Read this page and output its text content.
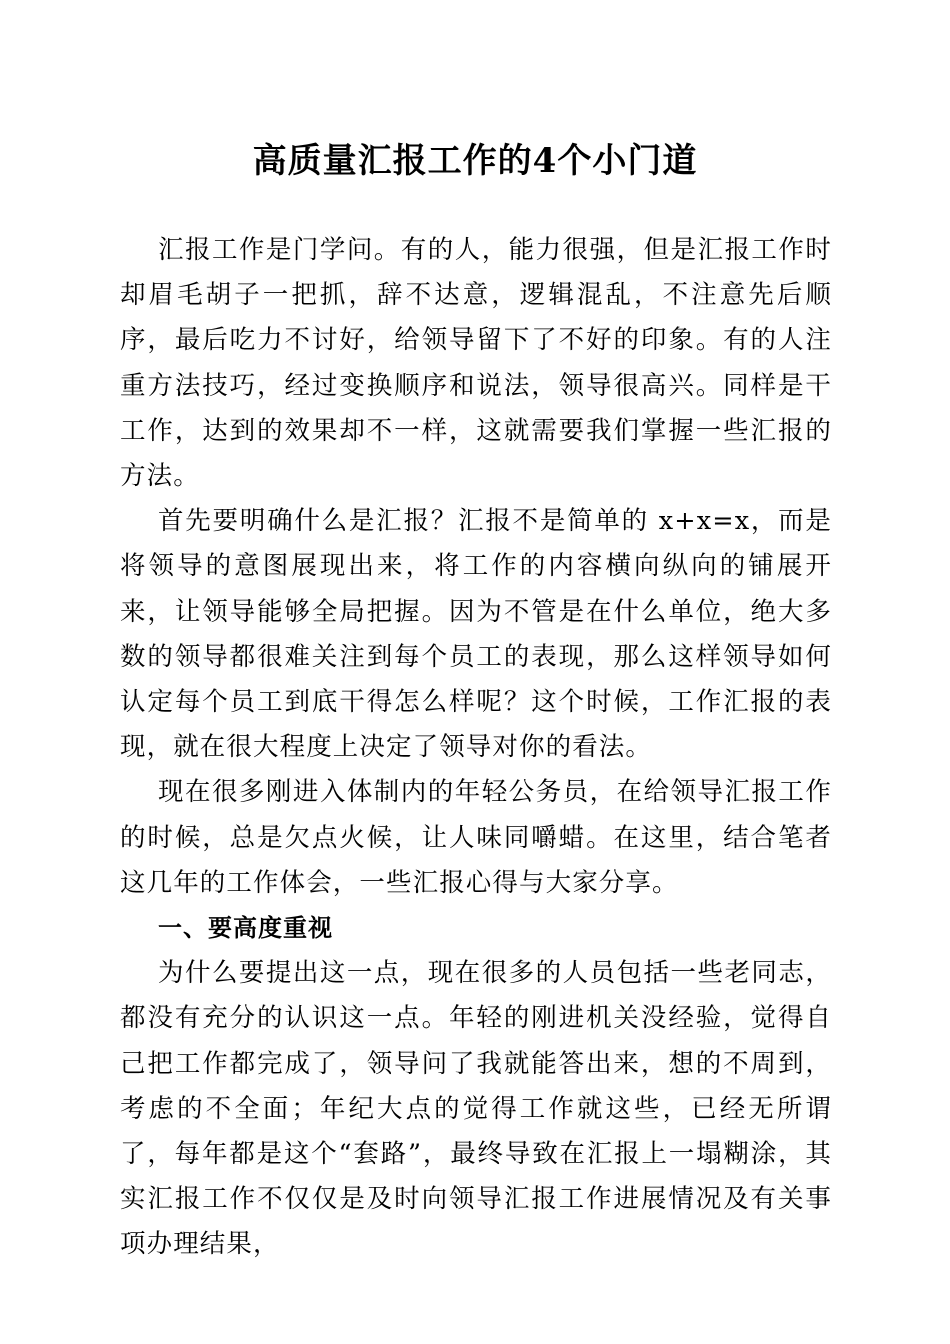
高质量汇报工作的4个小门道

汇报工作是门学问。有的人，能力很强，但是汇报工作时却眉毛胡子一把抓，辞不达意，逻辑混乱，不注意先后顺序，最后吃力不讨好，给领导留下了不好的印象。有的人注重方法技巧，经过变换顺序和说法，领导很高兴。同样是干工作，达到的效果却不一样，这就需要我们掌握一些汇报的方法。

首先要明确什么是汇报？汇报不是简单的 x+x=x，而是将领导的意图展现出来，将工作的内容横向纵向的铺展开来，让领导能够全局把握。因为不管是在什么单位，绝大多数的领导都很难关注到每个员工的表现，那么这样领导如何认定每个员工到底干得怎么样呢？这个时候，工作汇报的表现，就在很大程度上决定了领导对你的看法。

现在很多刚进入体制内的年轻公务员，在给领导汇报工作的时候，总是欠点火候，让人味同嚼蜡。在这里，结合笔者这几年的工作体会，一些汇报心得与大家分享。

一、要高度重视

为什么要提出这一点，现在很多的人员包括一些老同志，都没有充分的认识这一点。年轻的刚进机关没经验，觉得自己把工作都完成了，领导问了我就能答出来，想的不周到，考虑的不全面；年纪大点的觉得工作就这些，已经无所谓了，每年都是这个“套路”，最终导致在汇报上一塌糊涂，其实汇报工作不仅仅是及时向领导汇报工作进展情况及有关事项办理结果，
